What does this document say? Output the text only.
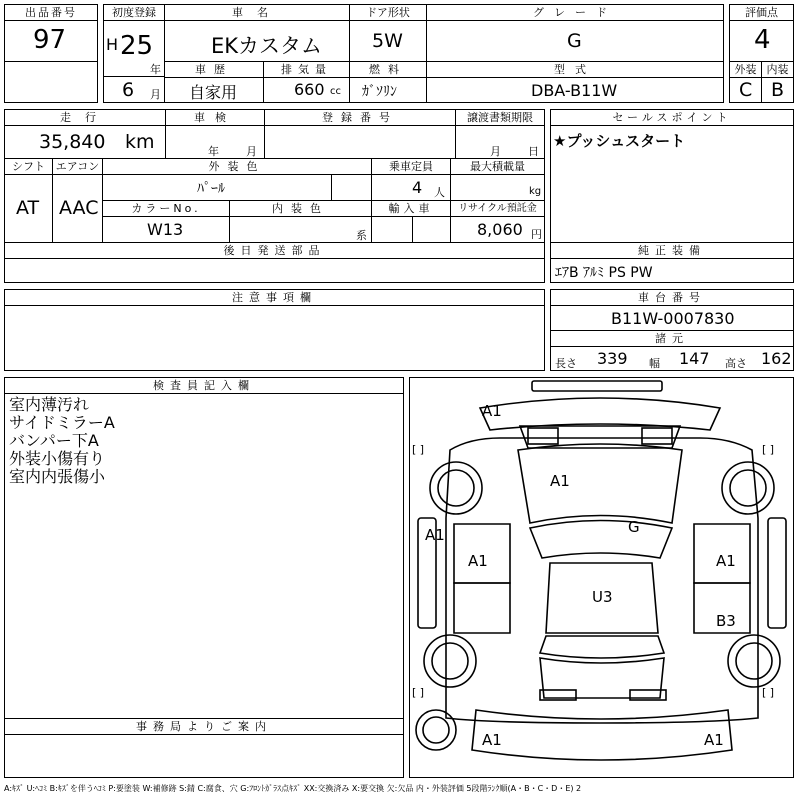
出品番号
97
初度登録
H 25
年
6 月
車名
EKカスタム
車歴
自家用
排気量
660 cc
ドア形状
5W
燃料
ｶﾞｿﾘﾝ
グレード
G
型式
DBA-B11W
評価点
4
外装 内装
C B
走行
35,840 km
車検
年 月
登録番号	譲渡書類期限
月 日
セールスポイント
★プッシュスタート
シフト
AT
エアコン
AAC
外装色
ﾊﾟｰﾙ
乗車定員
4 人
最大積載量
kg
カラーNo.
W13
内装色
系
輸入車	リサイクル預託金
8,060 円
後日発送部品	純正装備
ｴｱB ｱﾙﾐ PS PW
注意事項欄	車台番号
B11W-0007830
諸元
長さ 339 幅 147 高さ 162
検査員記入欄
室内薄汚れ
サイドミラーA
バンパー下A
外装小傷有り
室内内張傷小
事務局よりご案内
A1
A1
A1	G
A1	A1
U3
B3
A1	A1
[ ]	[ ]
[ ]	[ ]
A:ｷｽﾞ U:ﾍｺﾐ B:ｷｽﾞを伴うﾍｺﾐ P:要塗装 W:補修跡 S:錆 C:腐食、穴 G:ﾌﾛﾝﾄｶﾞﾗｽ点ｷｽﾞ XX:交換済み X:要交換 欠:欠品 内・外装評価 5段階ﾗﾝｸ順(A・B・C・D・E) 2
